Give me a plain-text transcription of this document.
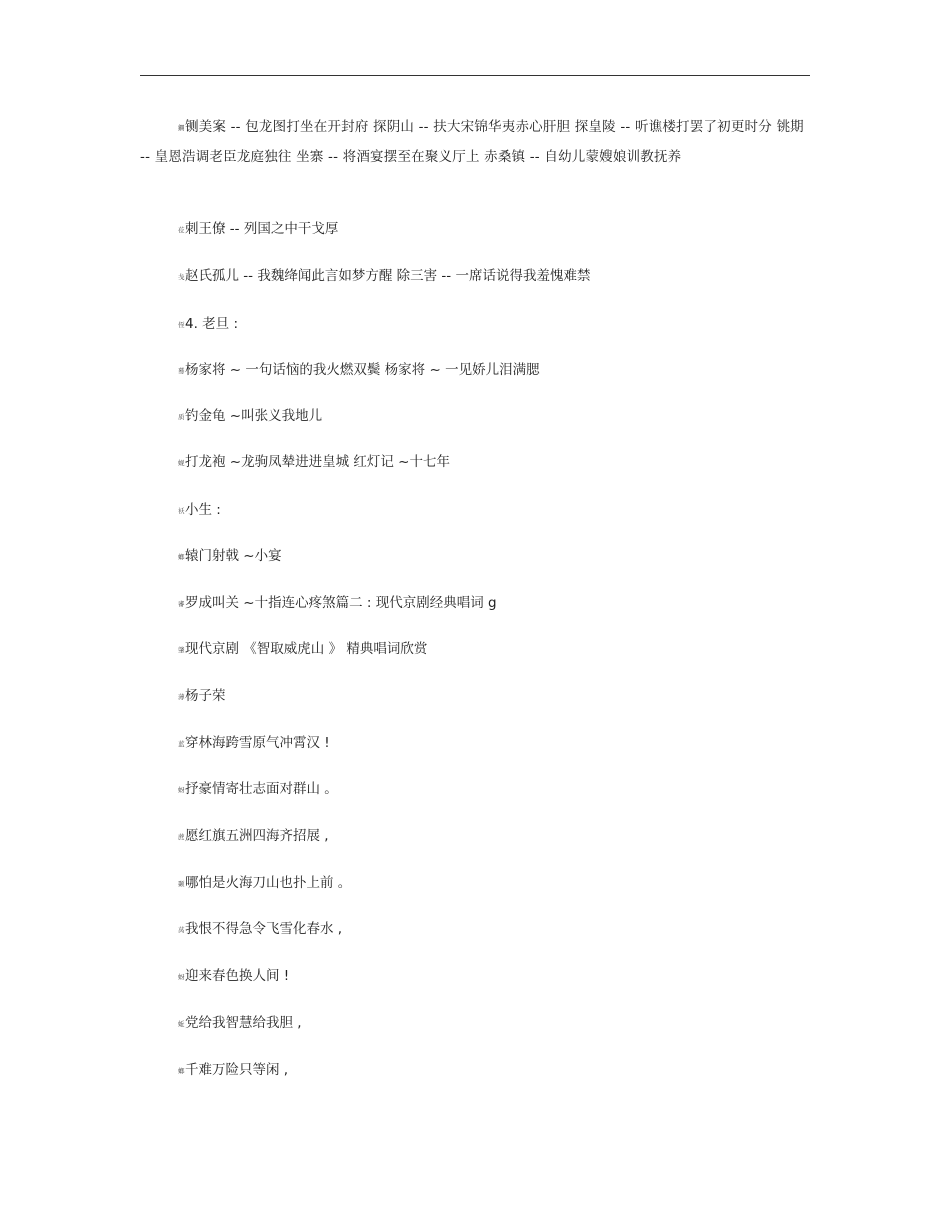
鐦铡美案 -- 包龙图打坐在开封府 探阴山 -- 扶大宋锦华夷赤心肝胆 探皇陵 -- 听谯楼打罢了初更时分 铫期 -- 皇恩浩调老臣龙庭独往 坐寨 -- 将酒宴摆至在聚义厅上 赤桑镇 -- 自幼儿蒙嫂娘训教抚养

莅刺王僚 -- 列国之中干戈厚

戋赵氏孤儿 -- 我魏绛闻此言如梦方醒 除三害 -- 一席话说得我羞愧难禁

侄4. 老旦 :

蓦杨家将 ~ 一句话恼的我火燃双鬓 杨家将 ~ 一见娇儿泪满腮

质钓金龟 ~叫张义我地儿

蚬打龙袍 ~龙驹凤辇进进皇城 红灯记 ~十七年

袄小生 :

螂辕门射戟 ~小宴

審罗成叫关 ~十指连心疼煞篇二 : 现代京剧经典唱词 g

肇现代京剧 《智取威虎山 》 精典唱词欣赏

薄杨子荣

蓝穿林海跨雪原气冲霄汉 !

蚜抒豪情寄壮志面对群山 。

蔗愿红旗五洲四海齐招展 ,

颞哪怕是火海刀山也扑上前 。

莴我恨不得急令飞雪化春水 ,

蚜迎来春色换人间 !

蚯党给我智慧给我胆 ,

螂千难万险只等闲 ,
